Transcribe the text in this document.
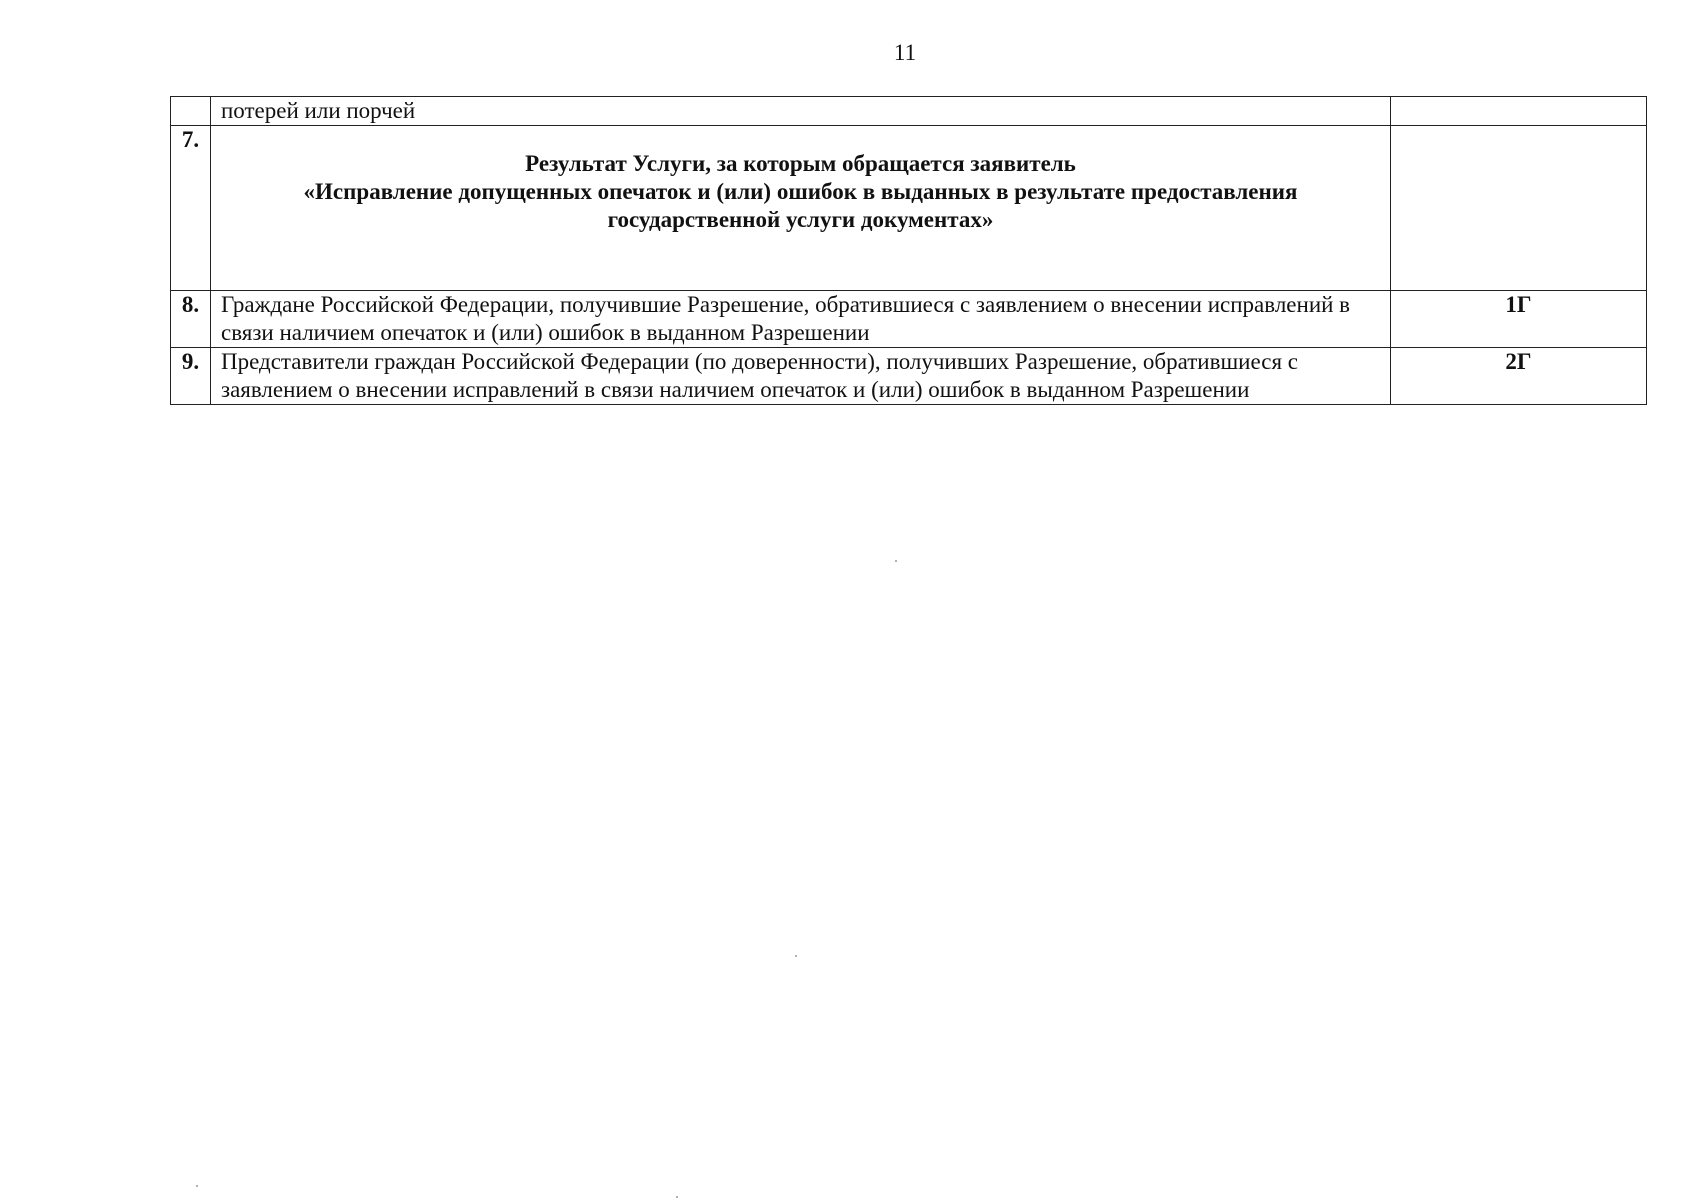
11
	потерей или порчей	
7.	Результат Услуги, за которым обращается заявитель
«Исправление допущенных опечаток и (или) ошибок в выданных в результате предоставления
государственной услуги документах»	

8.	Граждане Российской Федерации, получившие Разрешение, обратившиеся с заявлением о внесении исправлений в связи наличием опечаток и (или) ошибок в выданном Разрешении	1Г
9.	Представители граждан Российской Федерации (по доверенности), получивших Разрешение, обратившиеся с заявлением о внесении исправлений в связи наличием опечаток и (или) ошибок в выданном Разрешении	2Г
